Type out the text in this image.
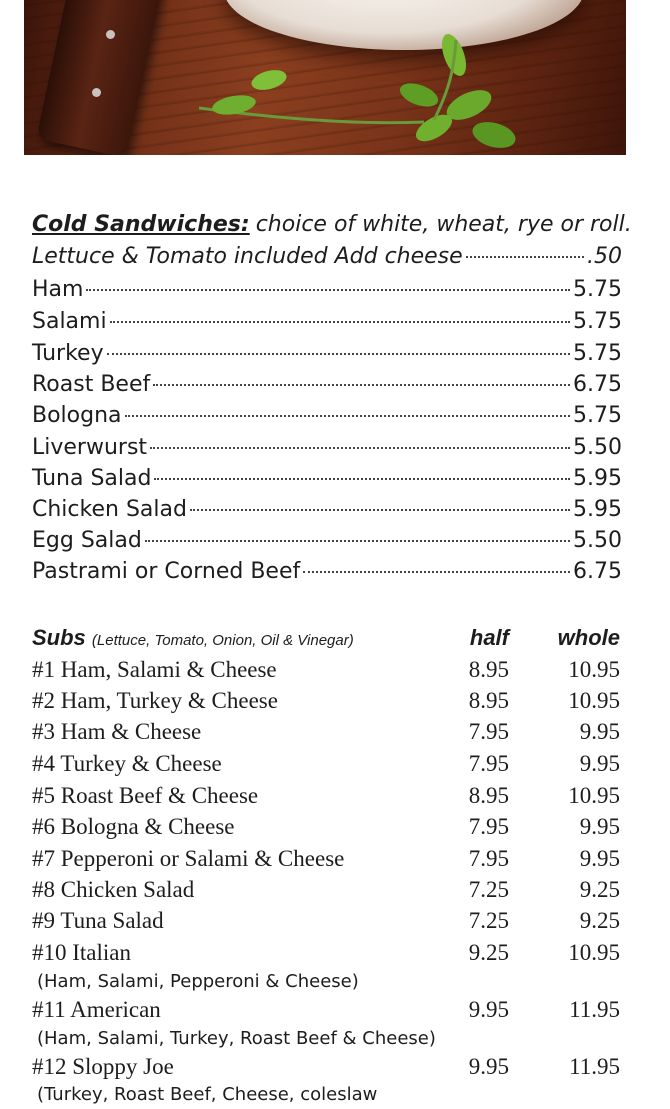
Cold Sandwiches: choice of white, wheat, rye or roll.
Lettuce & Tomato included Add cheese	.50
Ham	5.75
Salami	5.75
Turkey	5.75
Roast Beef	6.75
Bologna	5.75
Liverwurst	5.50
Tuna Salad	5.95
Chicken Salad	5.95
Egg Salad	5.50
Pastrami or Corned Beef	6.75
Subs (Lettuce, Tomato, Onion, Oil & Vinegar)	half whole
#1 Ham, Salami & Cheese	8.95	10.95
#2 Ham, Turkey & Cheese	8.95	10.95
#3 Ham & Cheese	7.95	9.95
#4 Turkey & Cheese	7.95	9.95
#5 Roast Beef & Cheese	8.95	10.95
#6 Bologna & Cheese	7.95	9.95
#7 Pepperoni or Salami & Cheese	7.95	9.95
#8 Chicken Salad	7.25	9.25
#9 Tuna Salad	7.25	9.25
#10 Italian	9.25	10.95
(Ham, Salami, Pepperoni & Cheese)
#11 American	9.95	11.95
(Ham, Salami, Turkey, Roast Beef & Cheese)
#12 Sloppy Joe	9.95	11.95
(Turkey, Roast Beef, Cheese, coleslaw
